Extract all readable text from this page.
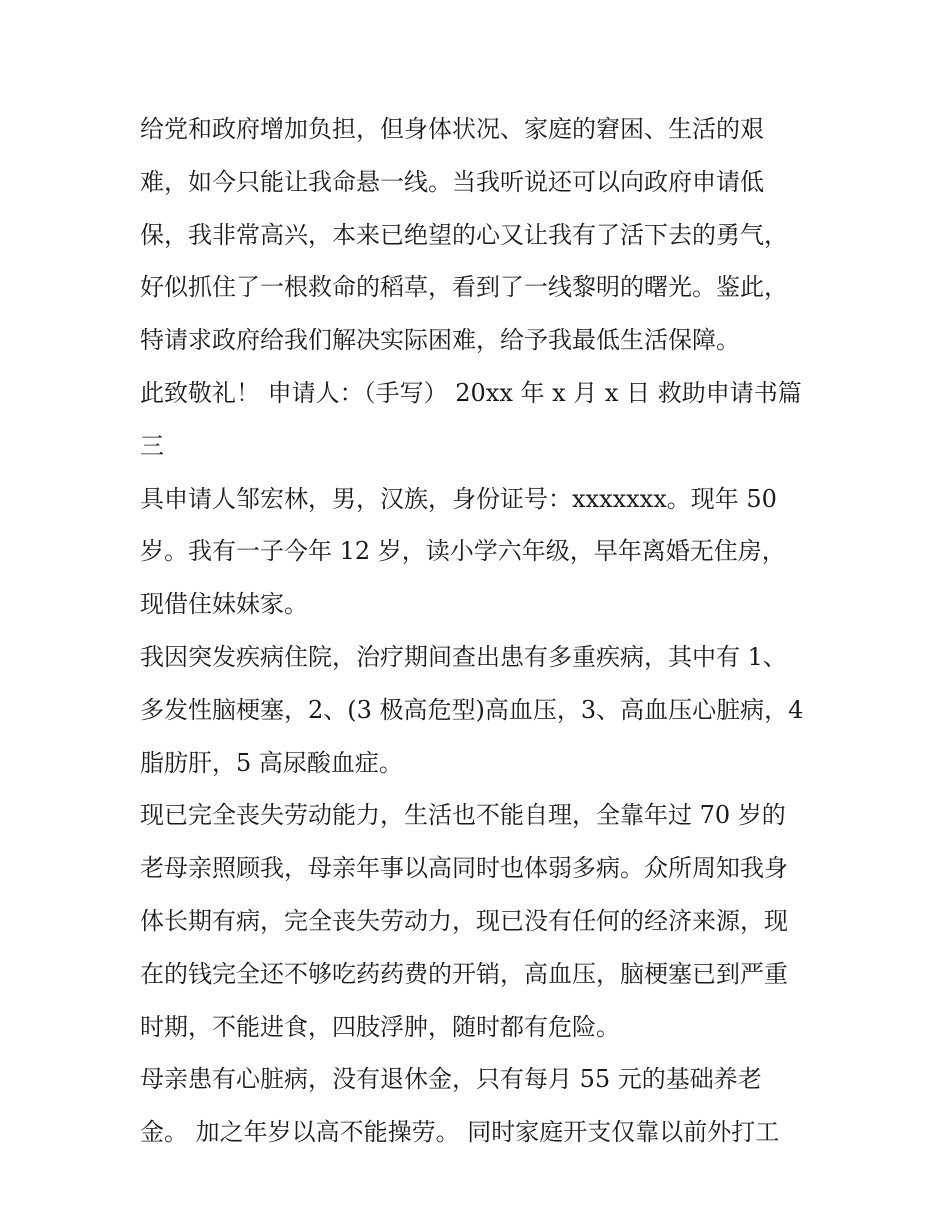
给党和政府增加负担，但身体状况、家庭的窘困、生活的艰
难，如今只能让我命悬一线。当我听说还可以向政府申请低
保，我非常高兴，本来已绝望的心又让我有了活下去的勇气，
好似抓住了一根救命的稻草，看到了一线黎明的曙光。鉴此，
特请求政府给我们解决实际困难，给予我最低生活保障。
此致敬礼！ 申请人：（手写） 20xx 年 x 月 x 日 救助申请书篇
三
具申请人邹宏林，男，汉族，身份证号：xxxxxxx。现年 50
岁。我有一子今年 12 岁，读小学六年级，早年离婚无住房，
现借住妹妹家。
我因突发疾病住院，治疗期间查出患有多重疾病，其中有 1、
多发性脑梗塞，2、(3 极高危型)高血压，3、高血压心脏病，4
脂肪肝，5 高尿酸血症。
现已完全丧失劳动能力，生活也不能自理，全靠年过 70 岁的
老母亲照顾我，母亲年事以高同时也体弱多病。众所周知我身
体长期有病，完全丧失劳动力，现已没有任何的经济来源，现
在的钱完全还不够吃药药费的开销，高血压，脑梗塞已到严重
时期，不能进食，四肢浮肿，随时都有危险。
母亲患有心脏病，没有退休金，只有每月 55 元的基础养老
金。 加之年岁以高不能操劳。 同时家庭开支仅靠以前外打工
